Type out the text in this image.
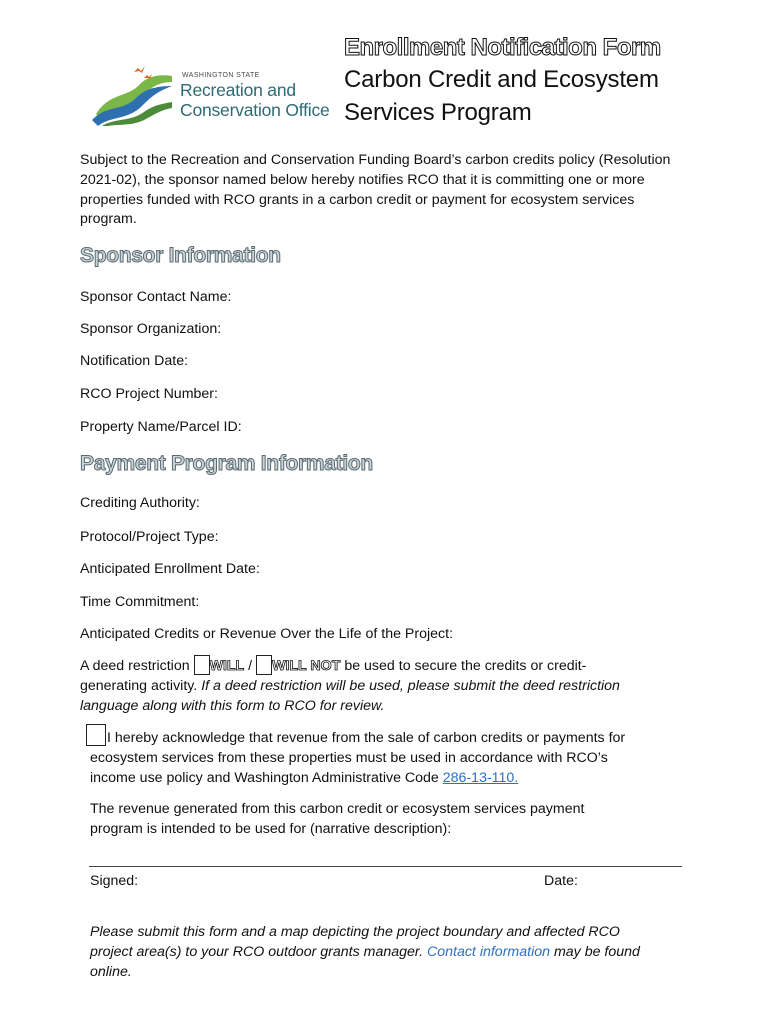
WASHINGTON STATE
Recreation and
Conservation Office
Enrollment Notification Form
Carbon Credit and Ecosystem
Services Program
Subject to the Recreation and Conservation Funding Board’s carbon credits policy (Resolution 2021-02), the sponsor named below hereby notifies RCO that it is committing one or more properties funded with RCO grants in a carbon credit or payment for ecosystem services program.
Sponsor Information
Sponsor Contact Name:
Sponsor Organization:
Notification Date:
RCO Project Number:
Property Name/Parcel ID:
Payment Program Information
Crediting Authority:
Protocol/Project Type:
Anticipated Enrollment Date:
Time Commitment:
Anticipated Credits or Revenue Over the Life of the Project:
A deed restriction WILL / WILL NOT be used to secure the credits or credit-
generating activity. If a deed restriction will be used, please submit the deed restriction
language along with this form to RCO for review.
I hereby acknowledge that revenue from the sale of carbon credits or payments for
ecosystem services from these properties must be used in accordance with RCO’s
income use policy and Washington Administrative Code 286-13-110.
The revenue generated from this carbon credit or ecosystem services payment
program is intended to be used for (narrative description):
Signed:	Date:
Please submit this form and a map depicting the project boundary and affected RCO
project area(s) to your RCO outdoor grants manager. Contact information may be found
online.
